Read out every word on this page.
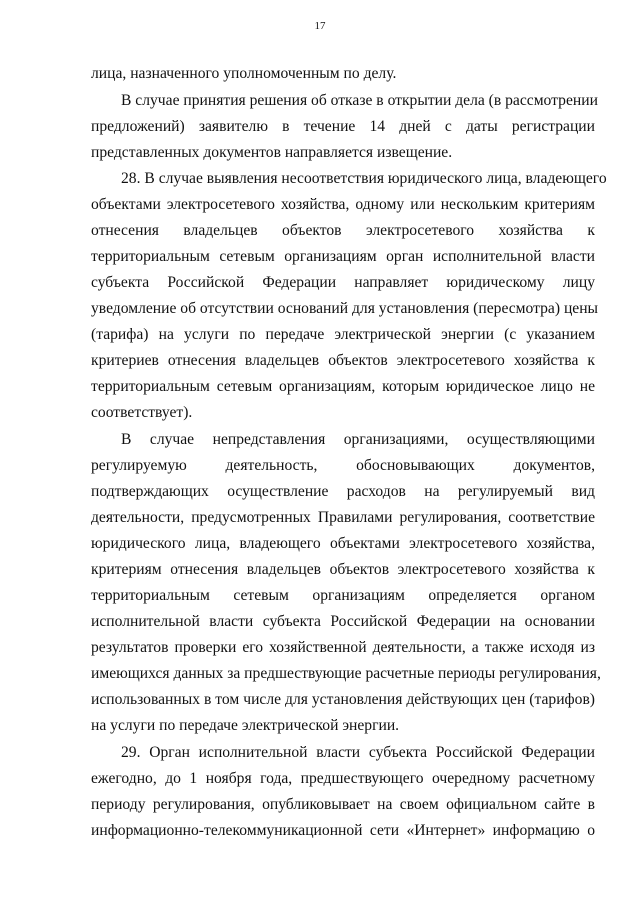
17
лица, назначенного уполномоченным по делу.
В случае принятия решения об отказе в открытии дела (в рассмотрении
предложений) заявителю в течение 14 дней с даты регистрации
представленных документов направляется извещение.
28. В случае выявления несоответствия юридического лица, владеющего
объектами электросетевого хозяйства, одному или нескольким критериям
отнесения владельцев объектов электросетевого хозяйства к
территориальным сетевым организациям орган исполнительной власти
субъекта Российской Федерации направляет юридическому лицу
уведомление об отсутствии оснований для установления (пересмотра) цены
(тарифа) на услуги по передаче электрической энергии (с указанием
критериев отнесения владельцев объектов электросетевого хозяйства к
территориальным сетевым организациям, которым юридическое лицо не
соответствует).
В случае непредставления организациями, осуществляющими
регулируемую деятельность, обосновывающих документов,
подтверждающих осуществление расходов на регулируемый вид
деятельности, предусмотренных Правилами регулирования, соответствие
юридического лица, владеющего объектами электросетевого хозяйства,
критериям отнесения владельцев объектов электросетевого хозяйства к
территориальным сетевым организациям определяется органом
исполнительной власти субъекта Российской Федерации на основании
результатов проверки его хозяйственной деятельности, а также исходя из
имеющихся данных за предшествующие расчетные периоды регулирования,
использованных в том числе для установления действующих цен (тарифов)
на услуги по передаче электрической энергии.
29. Орган исполнительной власти субъекта Российской Федерации
ежегодно, до 1 ноября года, предшествующего очередному расчетному
периоду регулирования, опубликовывает на своем официальном сайте в
информационно-телекоммуникационной сети «Интернет» информацию о
